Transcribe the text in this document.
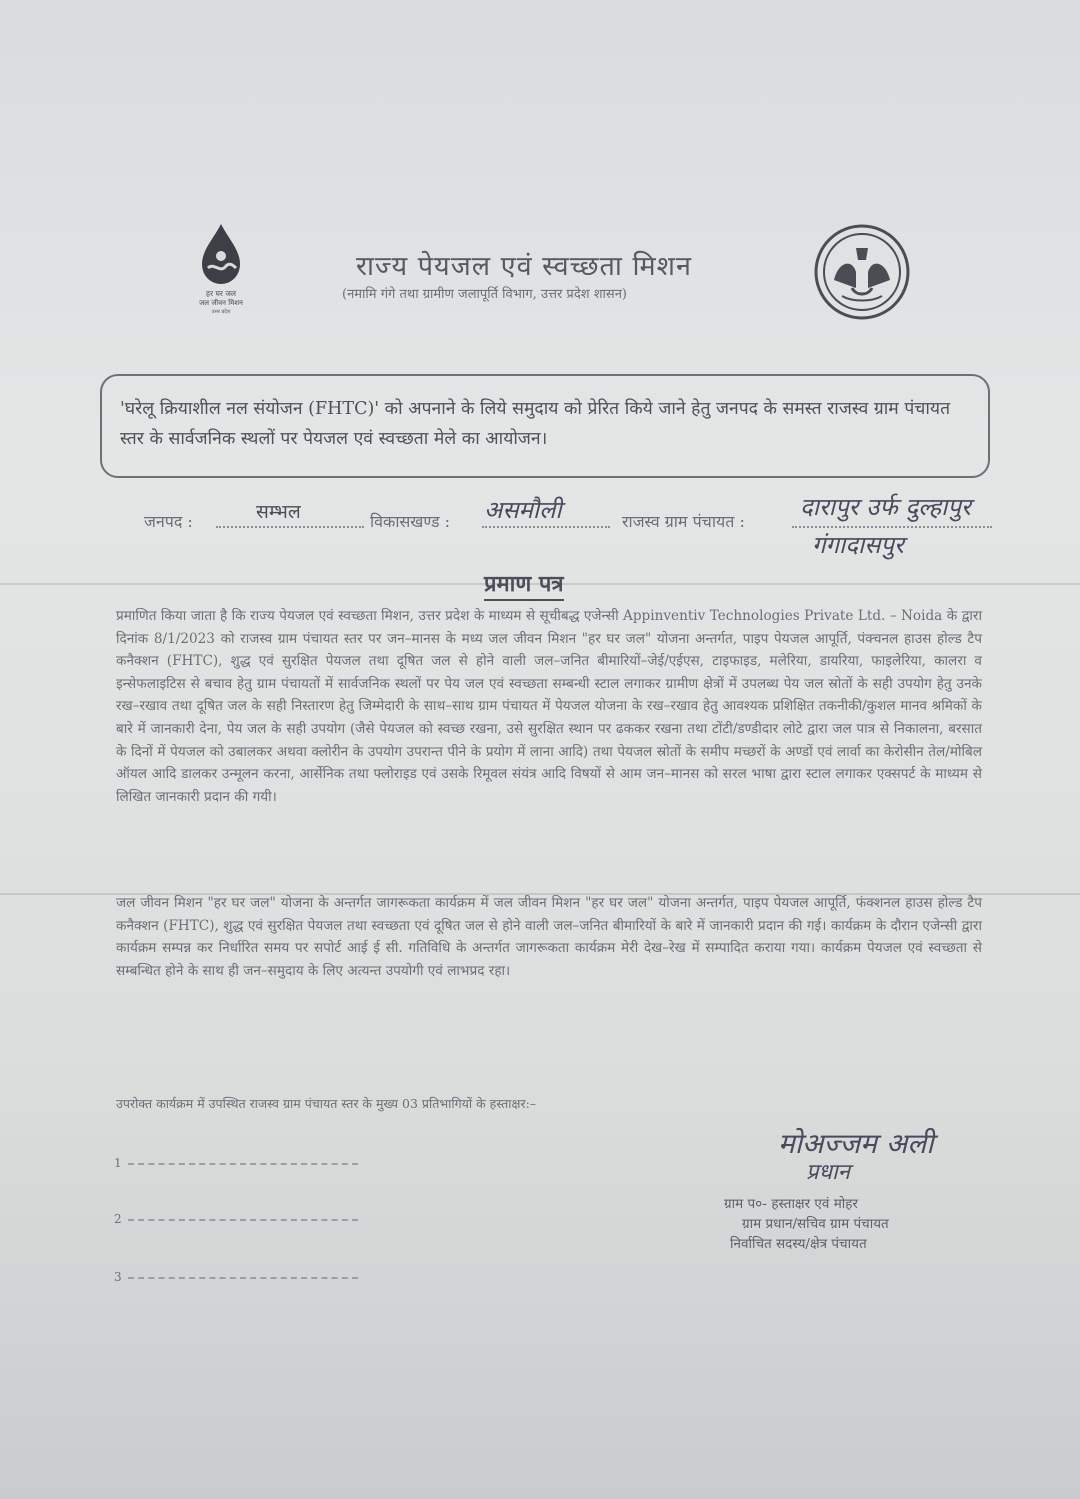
हर घर जल
जल जीवन मिशन
उत्तर प्रदेश
राज्य पेयजल एवं स्वच्छता मिशन
(नमामि गंगे तथा ग्रामीण जलापूर्ति विभाग, उत्तर प्रदेश शासन)
'घरेलू क्रियाशील नल संयोजन (FHTC)' को अपनाने के लिये समुदाय को प्रेरित किये जाने हेतु जनपद के समस्त राजस्व ग्राम पंचायत स्तर के सार्वजनिक स्थलों पर पेयजल एवं स्वच्छता मेले का आयोजन।
जनपद :	सम्भल	विकासखण्ड : असमौली	राजस्व ग्राम पंचायत :
दारापुर उर्फ दुल्हापुर
गंगादासपुर
प्रमाण पत्र
प्रमाणित किया जाता है कि राज्य पेयजल एवं स्वच्छता मिशन, उत्तर प्रदेश के माध्यम से सूचीबद्ध एजेन्सी Appinventiv Technologies Private Ltd. – Noida के द्वारा दिनांक 8/1/2023 को राजस्व ग्राम पंचायत स्तर पर जन–मानस के मध्य जल जीवन मिशन "हर घर जल" योजना अन्तर्गत, पाइप पेयजल आपूर्ति, पंक्चनल हाउस होल्ड टैप कनैक्शन (FHTC), शुद्ध एवं सुरक्षित पेयजल तथा दूषित जल से होने वाली जल–जनित बीमारियों–जेई/एईएस, टाइफाइड, मलेरिया, डायरिया, फाइलेरिया, कालरा व इन्सेफलाइटिस से बचाव हेतु ग्राम पंचायतों में सार्वजनिक स्थलों पर पेय जल एवं स्वच्छता सम्बन्धी स्टाल लगाकर ग्रामीण क्षेत्रों में उपलब्ध पेय जल स्रोतों के सही उपयोग हेतु उनके रख–रखाव तथा दूषित जल के सही निस्तारण हेतु जिम्मेदारी के साथ–साथ ग्राम पंचायत में पेयजल योजना के रख–रखाव हेतु आवश्यक प्रशिक्षित तकनीकी/कुशल मानव श्रमिकों के बारे में जानकारी देना, पेय जल के सही उपयोग (जैसे पेयजल को स्वच्छ रखना, उसे सुरक्षित स्थान पर ढककर रखना तथा टोंटी/डण्डीदार लोटे द्वारा जल पात्र से निकालना, बरसात के दिनों में पेयजल को उबालकर अथवा क्लोरीन के उपयोग उपरान्त पीने के प्रयोग में लाना आदि) तथा पेयजल स्रोतों के समीप मच्छरों के अण्डों एवं लार्वा का केरोसीन तेल/मोबिल ऑयल आदि डालकर उन्मूलन करना, आर्सेनिक तथा फ्लोराइड एवं उसके रिमूवल संयंत्र आदि विषयों से आम जन–मानस को सरल भाषा द्वारा स्टाल लगाकर एक्सपर्ट के माध्यम से लिखित जानकारी प्रदान की गयी।
जल जीवन मिशन "हर घर जल" योजना के अन्तर्गत जागरूकता कार्यक्रम में जल जीवन मिशन "हर घर जल" योजना अन्तर्गत, पाइप पेयजल आपूर्ति, फंक्शनल हाउस होल्ड टैप कनैक्शन (FHTC), शुद्ध एवं सुरक्षित पेयजल तथा स्वच्छता एवं दूषित जल से होने वाली जल–जनित बीमारियों के बारे में जानकारी प्रदान की गई। कार्यक्रम के दौरान एजेन्सी द्वारा कार्यक्रम सम्पन्न कर निर्धारित समय पर सपोर्ट आई ई सी. गतिविधि के अन्तर्गत जागरूकता कार्यक्रम मेरी देख–रेख में सम्पादित कराया गया। कार्यक्रम पेयजल एवं स्वच्छता से सम्बन्धित होने के साथ ही जन–समुदाय के लिए अत्यन्त उपयोगी एवं लाभप्रद रहा।
उपरोक्त कार्यक्रम में उपस्थित राजस्व ग्राम पंचायत स्तर के मुख्य 03 प्रतिभागियों के हस्ताक्षर:–
1
2
3
मोअज्जम अली
प्रधान
ग्राम प०- हस्ताक्षर एवं मोहर
ग्राम प्रधान/सचिव ग्राम पंचायत
निर्वाचित सदस्य/क्षेत्र पंचायत
